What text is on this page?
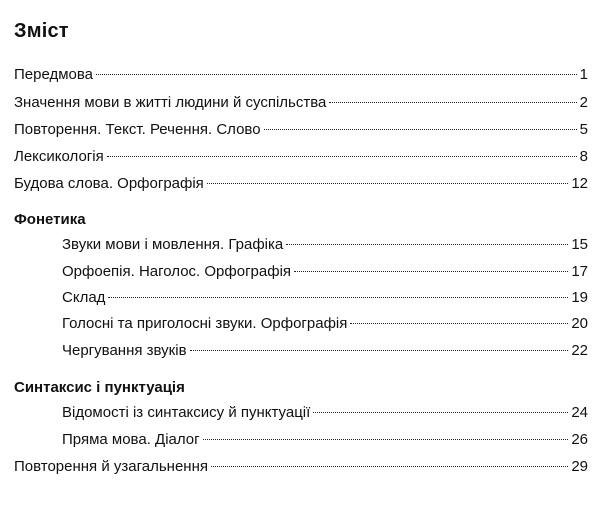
Зміст
Передмова	1
Значення мови в житті людини й суспільства	2
Повторення. Текст. Речення. Слово	5
Лексикологія	8
Будова слова. Орфографія	12
Фонетика
Звуки мови і мовлення. Графіка	15
Орфоепія. Наголос. Орфографія	17
Склад	19
Голосні та приголосні звуки. Орфографія	20
Чергування звуків	22
Синтаксис і пунктуація
Відомості із синтаксису й пунктуації	24
Пряма мова. Діалог	26
Повторення й узагальнення	29
